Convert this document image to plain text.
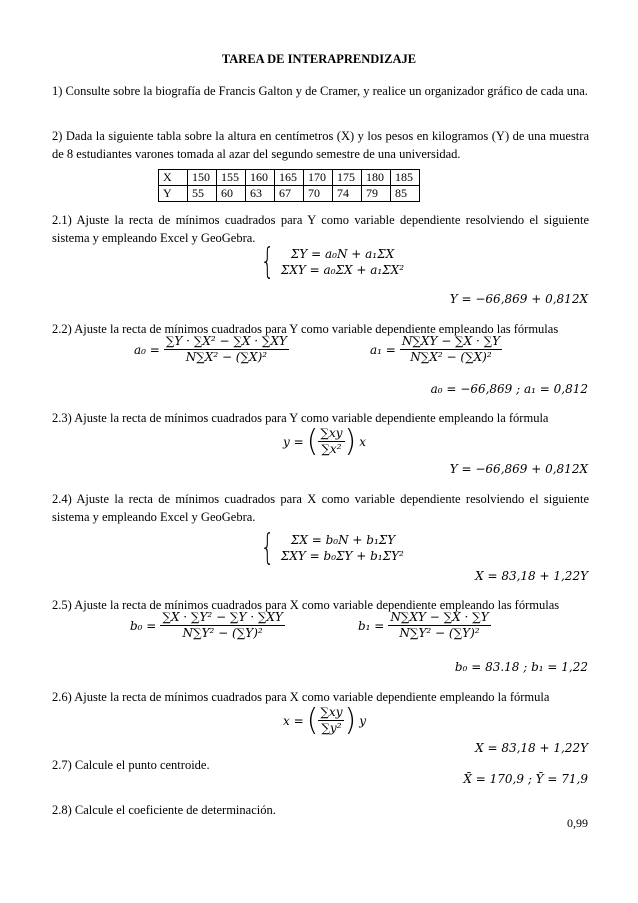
TAREA DE INTERAPRENDIZAJE
1) Consulte sobre la biografía de Francis Galton y de Cramer, y realice un organizador gráfico de cada una.
2) Dada la siguiente tabla sobre la altura en centímetros (X) y los pesos en kilogramos (Y) de una muestra de 8 estudiantes varones tomada al azar del segundo semestre de una universidad.
X	150	155	160	165	170	175	180	185
Y	55	60	63	67	70	74	79	85
2.1) Ajuste la recta de mínimos cuadrados para Y como variable dependiente resolviendo el siguiente sistema y empleando Excel y GeoGebra.
{	ΣY = a₀N + a₁ΣX
ΣXY = a₀ΣX + a₁ΣX²
Y = −66,869 + 0,812X
2.2) Ajuste la recta de mínimos cuadrados para Y como variable dependiente empleando las fórmulas
$a_0 = \frac{\text{∑Y · ∑X² − ∑X · ∑XY}}{\text{N∑X² − (∑X)²}}$	$a_1 = \frac{N\sum XY - \sum X \cdot \sum Y}{\text{N∑X² − (∑X)²}}$
a₀ = −66,869 ; a₁ = 0,812
2.3) Ajuste la recta de mínimos cuadrados para Y como variable dependiente empleando la fórmula
y = ( $\frac{\sum xy}{\text{∑x²}}$ ) x
Y = −66,869 + 0,812X
2.4) Ajuste la recta de mínimos cuadrados para X como variable dependiente resolviendo el siguiente sistema y empleando Excel y GeoGebra.
{	ΣX = b₀N + b₁ΣY
ΣXY = b₀ΣY + b₁ΣY²
X = 83,18 + 1,22Y
2.5) Ajuste la recta de mínimos cuadrados para X como variable dependiente empleando las fórmulas
$b_0 = \frac{\text{∑X · ∑Y² − ∑Y · ∑XY}}{\text{N∑Y² − (∑Y)²}}$	$b_1 = \frac{N\sum XY - \sum X \cdot \sum Y}{\text{N∑Y² − (∑Y)²}}$
b₀ = 83.18 ; b₁ = 1,22
2.6) Ajuste la recta de mínimos cuadrados para X como variable dependiente empleando la fórmula
x = ( $\frac{\sum xy}{\text{∑y²}}$ ) y
X = 83,18 + 1,22Y
2.7) Calcule el punto centroide.
X̄ = 170,9 ; Ȳ = 71,9
2.8) Calcule el coeficiente de determinación.
0,99
